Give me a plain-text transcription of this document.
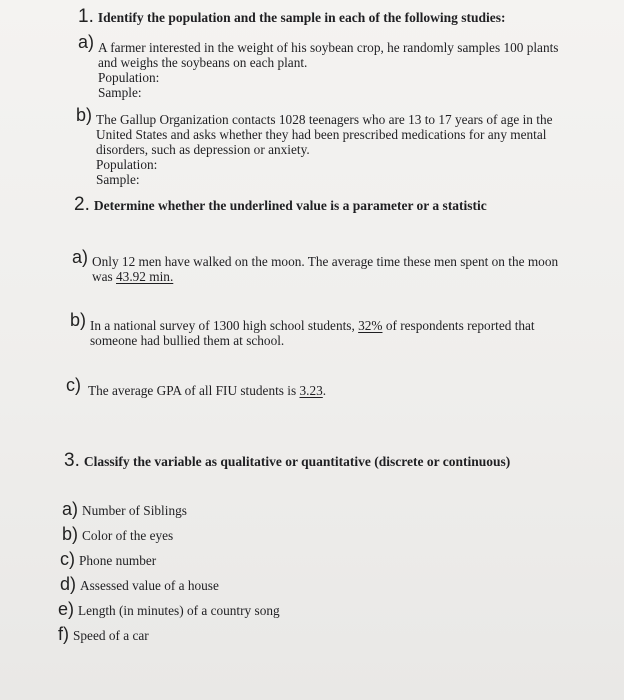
1. Identify the population and the sample in each of the following studies:
a) A farmer interested in the weight of his soybean crop, he randomly samples 100 plants
and weighs the soybeans on each plant.
Population:
Sample:
b) The Gallup Organization contacts 1028 teenagers who are 13 to 17 years of age in the
United States and asks whether they had been prescribed medications for any mental
disorders, such as depression or anxiety.
Population:
Sample:
2. Determine whether the underlined value is a parameter or a statistic
a) Only 12 men have walked on the moon. The average time these men spent on the moon
was 43.92 min.
b) In a national survey of 1300 high school students, 32% of respondents reported that
someone had bullied them at school.
c) The average GPA of all FIU students is 3.23.
3. Classify the variable as qualitative or quantitative (discrete or continuous)
a) Number of Siblings
b) Color of the eyes
c) Phone number
d) Assessed value of a house
e) Length (in minutes) of a country song
f) Speed of a car
